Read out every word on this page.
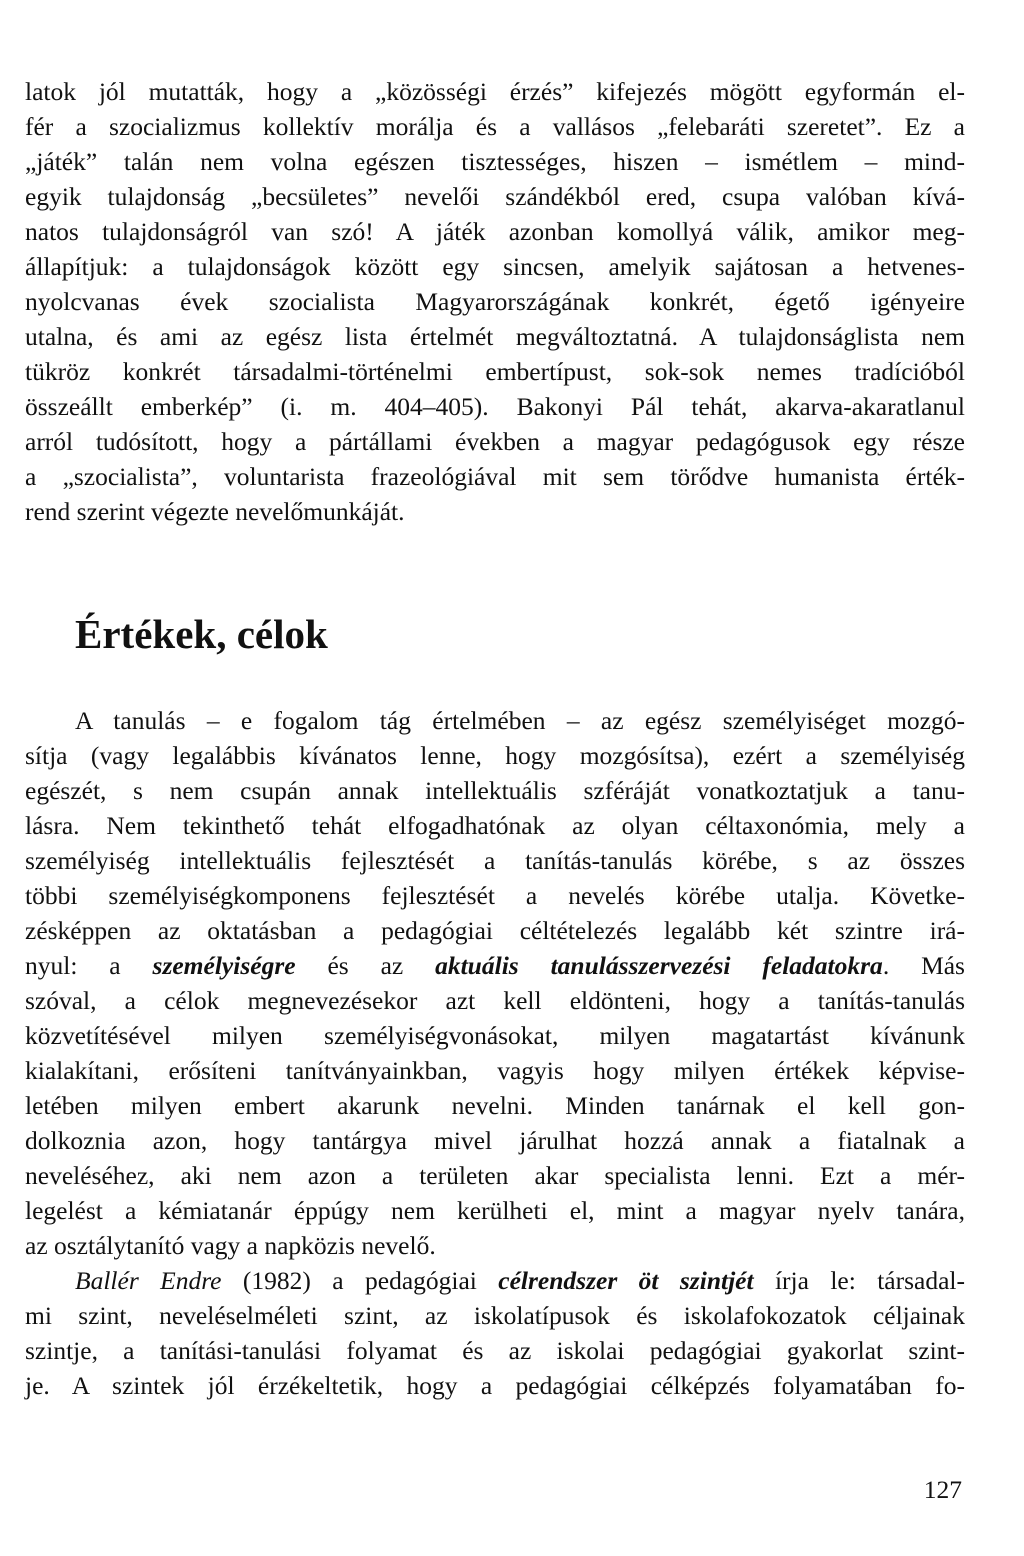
latok jól mutatták, hogy a „közösségi érzés” kifejezés mögött egyformán el-
fér a szocializmus kollektív morálja és a vallásos „felebaráti szeretet”. Ez a
„játék” talán nem volna egészen tisztességes, hiszen – ismétlem – mind-
egyik tulajdonság „becsületes” nevelői szándékból ered, csupa valóban kívá-
natos tulajdonságról van szó! A játék azonban komollyá válik, amikor meg-
állapítjuk: a tulajdonságok között egy sincsen, amelyik sajátosan a hetvenes-
nyolcvanas évek szocialista Magyarországának konkrét, égető igényeire
utalna, és ami az egész lista értelmét megváltoztatná. A tulajdonságlista nem
tükröz konkrét társadalmi-történelmi embertípust, sok-sok nemes tradícióból
összeállt emberkép” (i. m. 404–405). Bakonyi Pál tehát, akarva-akaratlanul
arról tudósított, hogy a pártállami években a magyar pedagógusok egy része
a „szocialista”, voluntarista frazeológiával mit sem törődve humanista érték-
rend szerint végezte nevelőmunkáját.
Értékek, célok
A tanulás – e fogalom tág értelmében – az egész személyiséget mozgó-
sítja (vagy legalábbis kívánatos lenne, hogy mozgósítsa), ezért a személyiség
egészét, s nem csupán annak intellektuális szféráját vonatkoztatjuk a tanu-
lásra. Nem tekinthető tehát elfogadhatónak az olyan céltaxonómia, mely a
személyiség intellektuális fejlesztését a tanítás-tanulás körébe, s az összes
többi személyiségkomponens fejlesztését a nevelés körébe utalja. Követke-
zésképpen az oktatásban a pedagógiai céltételezés legalább két szintre irá-
nyul: a személyiségre és az aktuális tanulásszervezési feladatokra. Más
szóval, a célok megnevezésekor azt kell eldönteni, hogy a tanítás-tanulás
közvetítésével milyen személyiségvonásokat, milyen magatartást kívánunk
kialakítani, erősíteni tanítványainkban, vagyis hogy milyen értékek képvise-
letében milyen embert akarunk nevelni. Minden tanárnak el kell gon-
dolkoznia azon, hogy tantárgya mivel járulhat hozzá annak a fiatalnak a
neveléséhez, aki nem azon a területen akar specialista lenni. Ezt a mér-
legelést a kémiatanár éppúgy nem kerülheti el, mint a magyar nyelv tanára,
az osztálytanító vagy a napközis nevelő.
Ballér Endre (1982) a pedagógiai célrendszer öt szintjét írja le: társadal-
mi szint, neveléselméleti szint, az iskolatípusok és iskolafokozatok céljainak
szintje, a tanítási-tanulási folyamat és az iskolai pedagógiai gyakorlat szint-
je. A szintek jól érzékeltetik, hogy a pedagógiai célképzés folyamatában fo-
127
